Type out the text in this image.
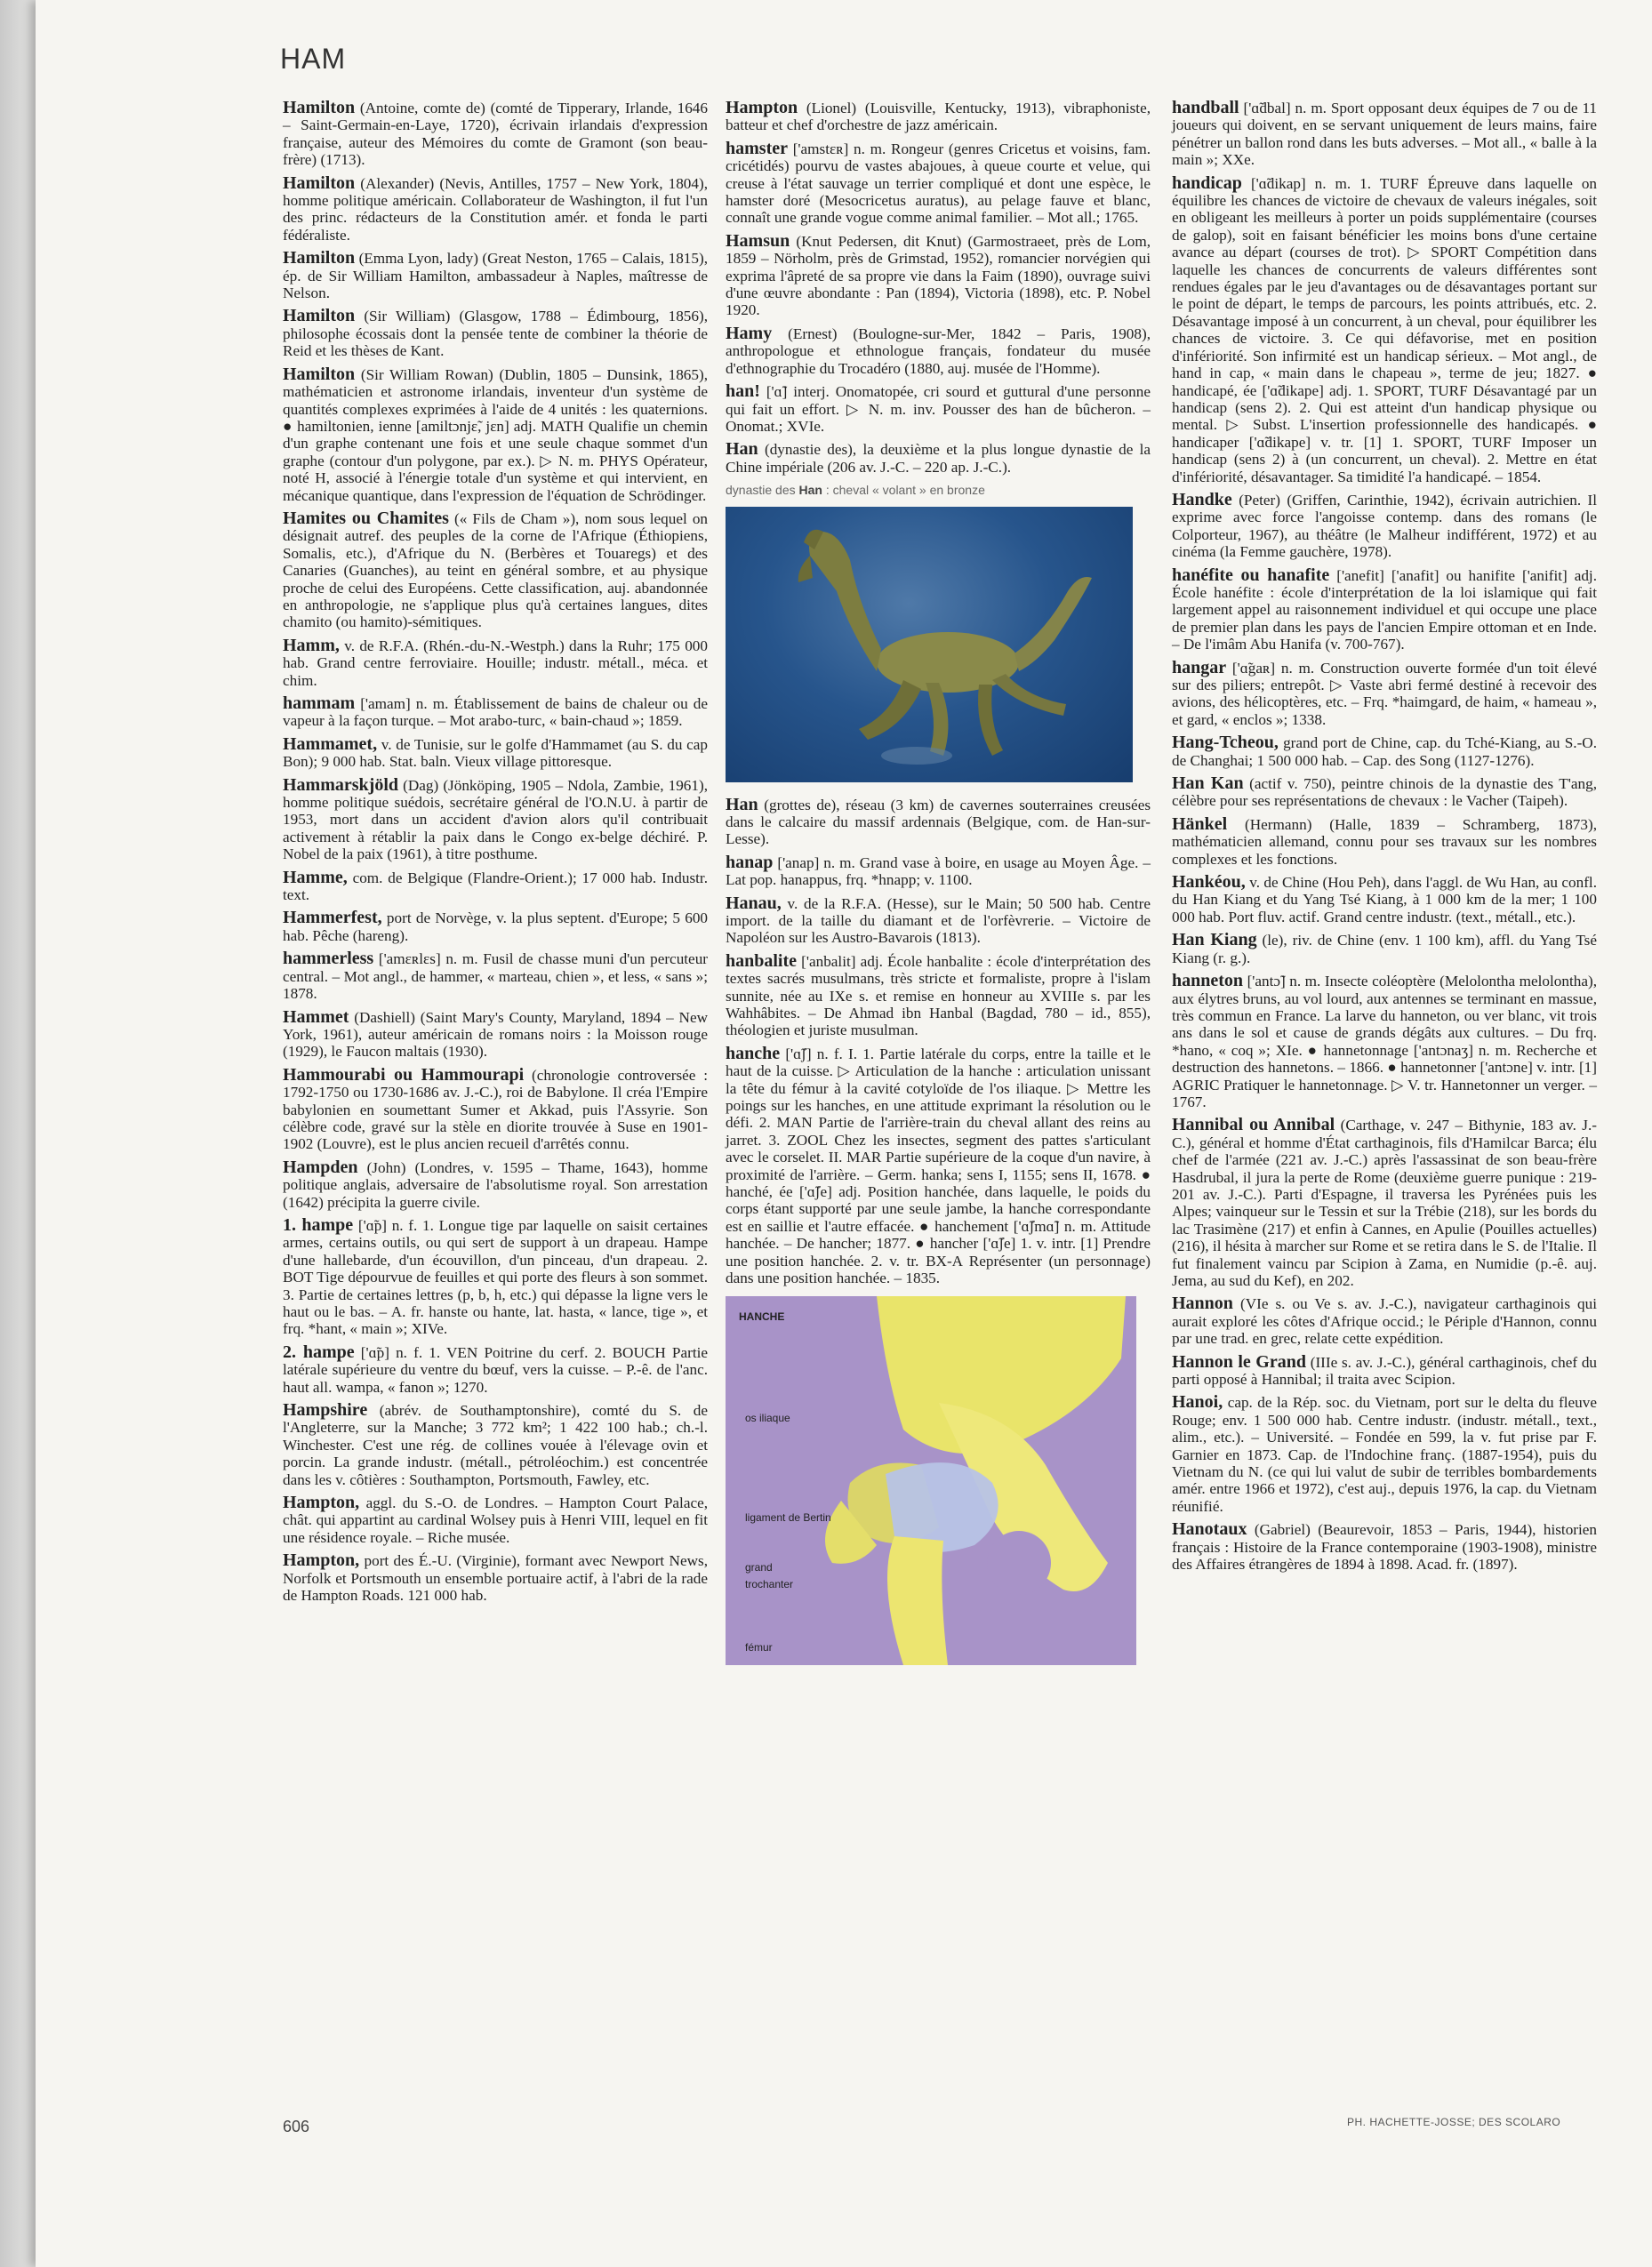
HAM

Hamilton (Antoine, comte de) (comté de Tipperary, Irlande, 1646 – Saint-Germain-en-Laye, 1720), écrivain irlandais d'expression française, auteur des Mémoires du comte de Gramont (son beau-frère) (1713).

Hamilton (Alexander) (Nevis, Antilles, 1757 – New York, 1804), homme politique américain. Collaborateur de Washington, il fut l'un des princ. rédacteurs de la Constitution amér. et fonda le parti fédéraliste.

Hamilton (Emma Lyon, lady) (Great Neston, 1765 – Calais, 1815), ép. de Sir William Hamilton, ambassadeur à Naples, maîtresse de Nelson.

Hamilton (Sir William) (Glasgow, 1788 – Édimbourg, 1856), philosophe écossais dont la pensée tente de combiner la théorie de Reid et les thèses de Kant.

Hamilton (Sir William Rowan) (Dublin, 1805 – Dunsink, 1865), mathématicien et astronome irlandais, inventeur d'un système de quantités complexes exprimées à l'aide de 4 unités : les quaternions. ● hamiltonien, ienne [amiltɔnjɛ̃, jɛn] adj. MATH Qualifie un chemin d'un graphe contenant une fois et une seule chaque sommet d'un graphe (contour d'un polygone, par ex.). ▷ N. m. PHYS Opérateur, noté H, associé à l'énergie totale d'un système et qui intervient, en mécanique quantique, dans l'expression de l'équation de Schrödinger.

Hamites ou Chamites (« Fils de Cham »), nom sous lequel on désignait autref. des peuples de la corne de l'Afrique (Éthiopiens, Somalis, etc.), d'Afrique du N. (Berbères et Touaregs) et des Canaries (Guanches), au teint en général sombre, et au physique proche de celui des Européens. Cette classification, auj. abandonnée en anthropologie, ne s'applique plus qu'à certaines langues, dites chamito (ou hamito)-sémitiques.

Hamm, v. de R.F.A. (Rhén.-du-N.-Westph.) dans la Ruhr; 175 000 hab. Grand centre ferroviaire. Houille; industr. métall., méca. et chim.

hammam ['amam] n. m. Établissement de bains de chaleur ou de vapeur à la façon turque. – Mot arabo-turc, « bain-chaud »; 1859.

Hammamet, v. de Tunisie, sur le golfe d'Hammamet (au S. du cap Bon); 9 000 hab. Stat. baln. Vieux village pittoresque.

Hammarskjöld (Dag) (Jönköping, 1905 – Ndola, Zambie, 1961), homme politique suédois, secrétaire général de l'O.N.U. à partir de 1953, mort dans un accident d'avion alors qu'il contribuait activement à rétablir la paix dans le Congo ex-belge déchiré. P. Nobel de la paix (1961), à titre posthume.

Hamme, com. de Belgique (Flandre-Orient.); 17 000 hab. Industr. text.

Hammerfest, port de Norvège, v. la plus septent. d'Europe; 5 600 hab. Pêche (hareng).

hammerless ['amɛʀlɛs] n. m. Fusil de chasse muni d'un percuteur central. – Mot angl., de hammer, « marteau, chien », et less, « sans »; 1878.

Hammet (Dashiell) (Saint Mary's County, Maryland, 1894 – New York, 1961), auteur américain de romans noirs : la Moisson rouge (1929), le Faucon maltais (1930).

Hammourabi ou Hammourapi (chronologie controversée : 1792-1750 ou 1730-1686 av. J.-C.), roi de Babylone. Il créa l'Empire babylonien en soumettant Sumer et Akkad, puis l'Assyrie. Son célèbre code, gravé sur la stèle en diorite trouvée à Suse en 1901-1902 (Louvre), est le plus ancien recueil d'arrêtés connu.

Hampden (John) (Londres, v. 1595 – Thame, 1643), homme politique anglais, adversaire de l'absolutisme royal. Son arrestation (1642) précipita la guerre civile.

1. hampe ['ɑ̃p] n. f. 1. Longue tige par laquelle on saisit certaines armes, certains outils, ou qui sert de support à un drapeau. Hampe d'une hallebarde, d'un écouvillon, d'un pinceau, d'un drapeau. 2. BOT Tige dépourvue de feuilles et qui porte des fleurs à son sommet. 3. Partie de certaines lettres (p, b, h, etc.) qui dépasse la ligne vers le haut ou le bas. – A. fr. hanste ou hante, lat. hasta, « lance, tige », et frq. *hant, « main »; XIVe.

2. hampe ['ɑ̃p] n. f. 1. VEN Poitrine du cerf. 2. BOUCH Partie latérale supérieure du ventre du bœuf, vers la cuisse. – P.-ê. de l'anc. haut all. wampa, « fanon »; 1270.

Hampshire (abrév. de Southamptonshire), comté du S. de l'Angleterre, sur la Manche; 3 772 km²; 1 422 100 hab.; ch.-l. Winchester. C'est une rég. de collines vouée à l'élevage ovin et porcin. La grande industr. (métall., pétroléochim.) est concentrée dans les v. côtières : Southampton, Portsmouth, Fawley, etc.

Hampton, aggl. du S.-O. de Londres. – Hampton Court Palace, chât. qui appartint au cardinal Wolsey puis à Henri VIII, lequel en fit une résidence royale. – Riche musée.

Hampton, port des É.-U. (Virginie), formant avec Newport News, Norfolk et Portsmouth un ensemble portuaire actif, à l'abri de la rade de Hampton Roads. 121 000 hab.

Hampton (Lionel) (Louisville, Kentucky, 1913), vibraphoniste, batteur et chef d'orchestre de jazz américain.

hamster ['amstɛʀ] n. m. Rongeur (genres Cricetus et voisins, fam. cricétidés) pourvu de vastes abajoues, à queue courte et velue, qui creuse à l'état sauvage un terrier compliqué et dont une espèce, le hamster doré (Mesocricetus auratus), au pelage fauve et blanc, connaît une grande vogue comme animal familier. – Mot all.; 1765.

Hamsun (Knut Pedersen, dit Knut) (Garmostraeet, près de Lom, 1859 – Nörholm, près de Grimstad, 1952), romancier norvégien qui exprima l'âpreté de sa propre vie dans la Faim (1890), ouvrage suivi d'une œuvre abondante : Pan (1894), Victoria (1898), etc. P. Nobel 1920.

Hamy (Ernest) (Boulogne-sur-Mer, 1842 – Paris, 1908), anthropologue et ethnologue français, fondateur du musée d'ethnographie du Trocadéro (1880, auj. musée de l'Homme).

han! ['ɑ̃] interj. Onomatopée, cri sourd et guttural d'une personne qui fait un effort. ▷ N. m. inv. Pousser des han de bûcheron. – Onomat.; XVIe.

Han (dynastie des), la deuxième et la plus longue dynastie de la Chine impériale (206 av. J.-C. – 220 ap. J.-C.).

dynastie des Han : cheval « volant » en bronze

Han (grottes de), réseau (3 km) de cavernes souterraines creusées dans le calcaire du massif ardennais (Belgique, com. de Han-sur-Lesse).

hanap ['anap] n. m. Grand vase à boire, en usage au Moyen Âge. – Lat pop. hanappus, frq. *hnapp; v. 1100.

Hanau, v. de la R.F.A. (Hesse), sur le Main; 50 500 hab. Centre import. de la taille du diamant et de l'orfèvrerie. – Victoire de Napoléon sur les Austro-Bavarois (1813).

hanbalite ['anbalit] adj. École hanbalite : école d'interprétation des textes sacrés musulmans, très stricte et formaliste, propre à l'islam sunnite, née au IXe s. et remise en honneur au XVIIIe s. par les Wahhâbites. – De Ahmad ibn Hanbal (Bagdad, 780 – id., 855), théologien et juriste musulman.

hanche ['ɑ̃ʃ] n. f. I. 1. Partie latérale du corps, entre la taille et le haut de la cuisse. ▷ Articulation de la hanche : articulation unissant la tête du fémur à la cavité cotyloïde de l'os iliaque. ▷ Mettre les poings sur les hanches, en une attitude exprimant la résolution ou le défi. 2. MAN Partie de l'arrière-train du cheval allant des reins au jarret. 3. ZOOL Chez les insectes, segment des pattes s'articulant avec le corselet. II. MAR Partie supérieure de la coque d'un navire, à proximité de l'arrière. – Germ. hanka; sens I, 1155; sens II, 1678. ● hanché, ée ['ɑ̃ʃe] adj. Position hanchée, dans laquelle, le poids du corps étant supporté par une seule jambe, la hanche correspondante est en saillie et l'autre effacée. ● hanchement ['ɑ̃ʃmɑ̃] n. m. Attitude hanchée. – De hancher; 1877. ● hancher ['ɑ̃ʃe] 1. v. intr. [1] Prendre une position hanchée. 2. v. tr. BX-A Représenter (un personnage) dans une position hanchée. – 1835.

HANCHE
os iliaque
ligament de Bertin
grand trochanter
fémur

handball ['ɑ̃dbal] n. m. Sport opposant deux équipes de 7 ou de 11 joueurs qui doivent, en se servant uniquement de leurs mains, faire pénétrer un ballon rond dans les buts adverses. – Mot all., « balle à la main »; XXe.

handicap ['ɑ̃dikap] n. m. 1. TURF Épreuve dans laquelle on équilibre les chances de victoire de chevaux de valeurs inégales, soit en obligeant les meilleurs à porter un poids supplémentaire (courses de galop), soit en faisant bénéficier les moins bons d'une certaine avance au départ (courses de trot). ▷ SPORT Compétition dans laquelle les chances de concurrents de valeurs différentes sont rendues égales par le jeu d'avantages ou de désavantages portant sur le point de départ, le temps de parcours, les points attribués, etc. 2. Désavantage imposé à un concurrent, à un cheval, pour équilibrer les chances de victoire. 3. Ce qui défavorise, met en position d'infériorité. Son infirmité est un handicap sérieux. – Mot angl., de hand in cap, « main dans le chapeau », terme de jeu; 1827. ● handicapé, ée ['ɑ̃dikape] adj. 1. SPORT, TURF Désavantagé par un handicap (sens 2). 2. Qui est atteint d'un handicap physique ou mental. ▷ Subst. L'insertion professionnelle des handicapés. ● handicaper ['ɑ̃dikape] v. tr. [1] 1. SPORT, TURF Imposer un handicap (sens 2) à (un concurrent, un cheval). 2. Mettre en état d'infériorité, désavantager. Sa timidité l'a handicapé. – 1854.

Handke (Peter) (Griffen, Carinthie, 1942), écrivain autrichien. Il exprime avec force l'angoisse contemp. dans des romans (le Colporteur, 1967), au théâtre (le Malheur indifférent, 1972) et au cinéma (la Femme gauchère, 1978).

hanéfite ou hanafite ['anefit] ['anafit] ou hanifite ['anifit] adj. École hanéfite : école d'interprétation de la loi islamique qui fait largement appel au raisonnement individuel et qui occupe une place de premier plan dans les pays de l'ancien Empire ottoman et en Inde. – De l'imâm Abu Hanifa (v. 700-767).

hangar ['ɑ̃gaʀ] n. m. Construction ouverte formée d'un toit élevé sur des piliers; entrepôt. ▷ Vaste abri fermé destiné à recevoir des avions, des hélicoptères, etc. – Frq. *haimgard, de haim, « hameau », et gard, « enclos »; 1338.

Hang-Tcheou, grand port de Chine, cap. du Tché-Kiang, au S.-O. de Changhai; 1 500 000 hab. – Cap. des Song (1127-1276).

Han Kan (actif v. 750), peintre chinois de la dynastie des T'ang, célèbre pour ses représentations de chevaux : le Vacher (Taipeh).

Hänkel (Hermann) (Halle, 1839 – Schramberg, 1873), mathématicien allemand, connu pour ses travaux sur les nombres complexes et les fonctions.

Hankéou, v. de Chine (Hou Peh), dans l'aggl. de Wu Han, au confl. du Han Kiang et du Yang Tsé Kiang, à 1 000 km de la mer; 1 100 000 hab. Port fluv. actif. Grand centre industr. (text., métall., etc.).

Han Kiang (le), riv. de Chine (env. 1 100 km), affl. du Yang Tsé Kiang (r. g.).

hanneton ['antɔ̃] n. m. Insecte coléoptère (Melolontha melolontha), aux élytres bruns, au vol lourd, aux antennes se terminant en massue, très commun en France. La larve du hanneton, ou ver blanc, vit trois ans dans le sol et cause de grands dégâts aux cultures. – Du frq. *hano, « coq »; XIe. ● hannetonnage ['antɔnaʒ] n. m. Recherche et destruction des hannetons. – 1866. ● hannetonner ['antɔne] v. intr. [1] AGRIC Pratiquer le hannetonnage. ▷ V. tr. Hannetonner un verger. – 1767.

Hannibal ou Annibal (Carthage, v. 247 – Bithynie, 183 av. J.-C.), général et homme d'État carthaginois, fils d'Hamilcar Barca; élu chef de l'armée (221 av. J.-C.) après l'assassinat de son beau-frère Hasdrubal, il jura la perte de Rome (deuxième guerre punique : 219-201 av. J.-C.). Parti d'Espagne, il traversa les Pyrénées puis les Alpes; vainqueur sur le Tessin et sur la Trébie (218), sur les bords du lac Trasimène (217) et enfin à Cannes, en Apulie (Pouilles actuelles) (216), il hésita à marcher sur Rome et se retira dans le S. de l'Italie. Il fut finalement vaincu par Scipion à Zama, en Numidie (p.-ê. auj. Jema, au sud du Kef), en 202.

Hannon (VIe s. ou Ve s. av. J.-C.), navigateur carthaginois qui aurait exploré les côtes d'Afrique occid.; le Périple d'Hannon, connu par une trad. en grec, relate cette expédition.

Hannon le Grand (IIIe s. av. J.-C.), général carthaginois, chef du parti opposé à Hannibal; il traita avec Scipion.

Hanoi, cap. de la Rép. soc. du Vietnam, port sur le delta du fleuve Rouge; env. 1 500 000 hab. Centre industr. (industr. métall., text., alim., etc.). – Université. – Fondée en 599, la v. fut prise par F. Garnier en 1873. Cap. de l'Indochine franç. (1887-1954), puis du Vietnam du N. (ce qui lui valut de subir de terribles bombardements amér. entre 1966 et 1972), c'est auj., depuis 1976, la cap. du Vietnam réunifié.

Hanotaux (Gabriel) (Beaurevoir, 1853 – Paris, 1944), historien français : Histoire de la France contemporaine (1903-1908), ministre des Affaires étrangères de 1894 à 1898. Acad. fr. (1897).

606	PH. HACHETTE-JOSSE; DES SCOLARO
